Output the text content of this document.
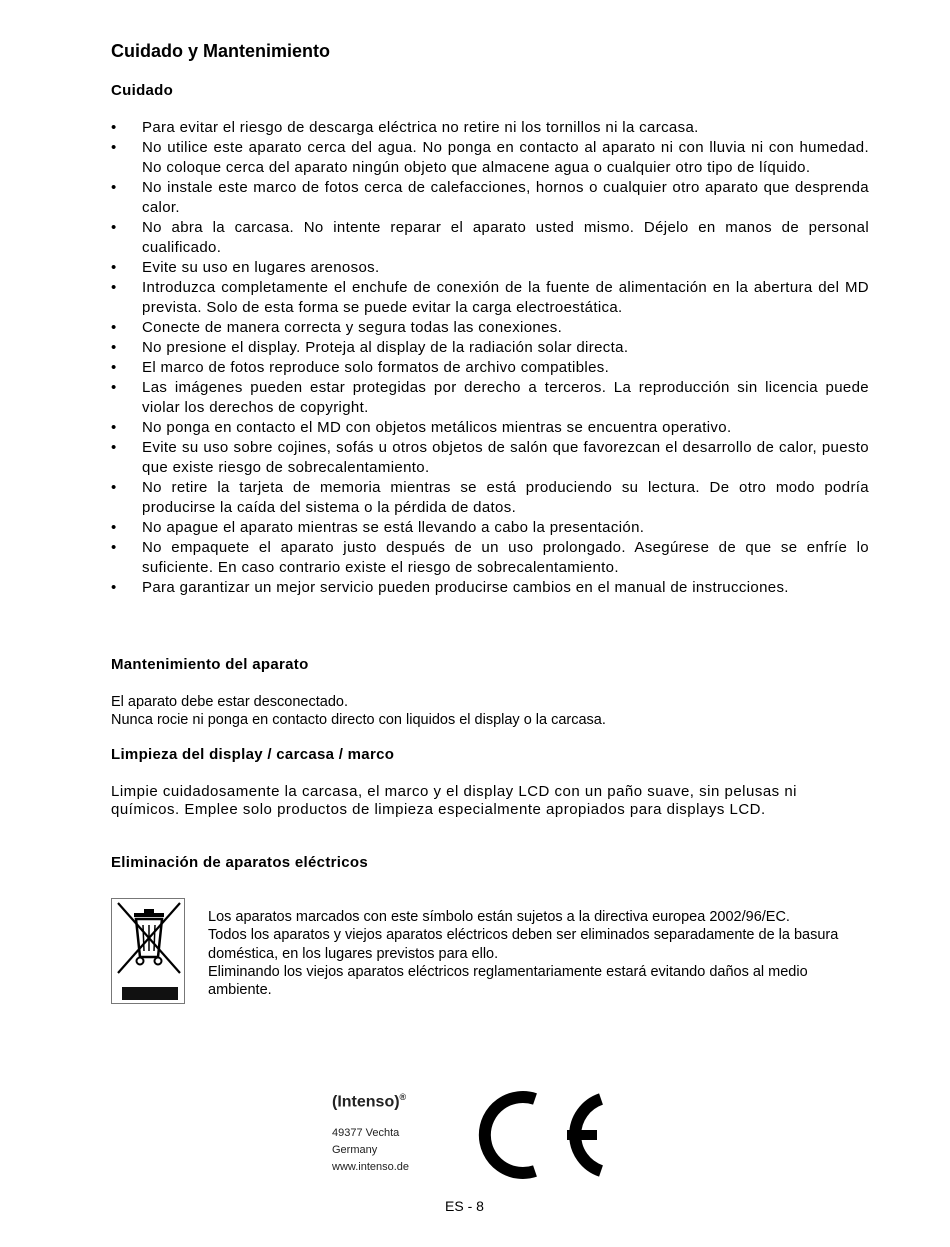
Cuidado y Mantenimiento

Cuidado

• Para evitar el riesgo de descarga eléctrica no retire ni los tornillos ni la carcasa.
• No utilice este aparato cerca del agua. No ponga en contacto al aparato ni con lluvia ni con humedad. No coloque cerca del aparato ningún objeto que almacene agua o cualquier otro tipo de líquido.
• No instale este marco de fotos cerca de calefacciones, hornos o cualquier otro aparato que desprenda calor.
• No abra la carcasa. No intente reparar el aparato usted mismo. Déjelo en manos de personal cualificado.
• Evite su uso en lugares arenosos.
• Introduzca completamente el enchufe de conexión de la fuente de alimentación en la abertura del MD prevista. Solo de esta forma se puede evitar la carga electroestática.
• Conecte de manera correcta y segura todas las conexiones.
• No presione el display. Proteja al display de la radiación solar directa.
• El marco de fotos reproduce solo formatos de archivo compatibles.
• Las imágenes pueden estar protegidas por derecho a terceros. La reproducción sin licencia puede violar los derechos de copyright.
• No ponga en contacto el MD con objetos metálicos mientras se encuentra operativo.
• Evite su uso sobre cojines, sofás u otros objetos de salón que favorezcan el desarrollo de calor, puesto que existe riesgo de sobrecalentamiento.
• No retire la tarjeta de memoria mientras se está produciendo su lectura. De otro modo podría producirse la caída del sistema o la pérdida de datos.
• No apague el aparato mientras se está llevando a cabo la presentación.
• No empaquete el aparato justo después de un uso prolongado. Asegúrese de que se enfríe lo suficiente. En caso contrario existe el riesgo de sobrecalentamiento.
• Para garantizar un mejor servicio pueden producirse cambios en el manual de instrucciones.

Mantenimiento del aparato

El aparato debe estar desconectado.

Nunca rocie ni ponga en contacto directo con liquidos el display o la carcasa.

Limpieza del display / carcasa / marco

Limpie cuidadosamente la carcasa, el marco y el display LCD con un paño suave, sin pelusas ni químicos. Emplee solo productos de limpieza especialmente apropiados para displays LCD.

Eliminación de aparatos eléctricos

Los aparatos marcados con este símbolo están sujetos a la directiva europea 2002/96/EC.
Todos los aparatos y viejos aparatos eléctricos deben ser eliminados separadamente de la basura doméstica, en los lugares previstos para ello.
Eliminando los viejos aparatos eléctricos reglamentariamente estará evitando daños al medio ambiente.

(Intenso)®
49377 Vechta
Germany
www.intenso.de

ES - 8
